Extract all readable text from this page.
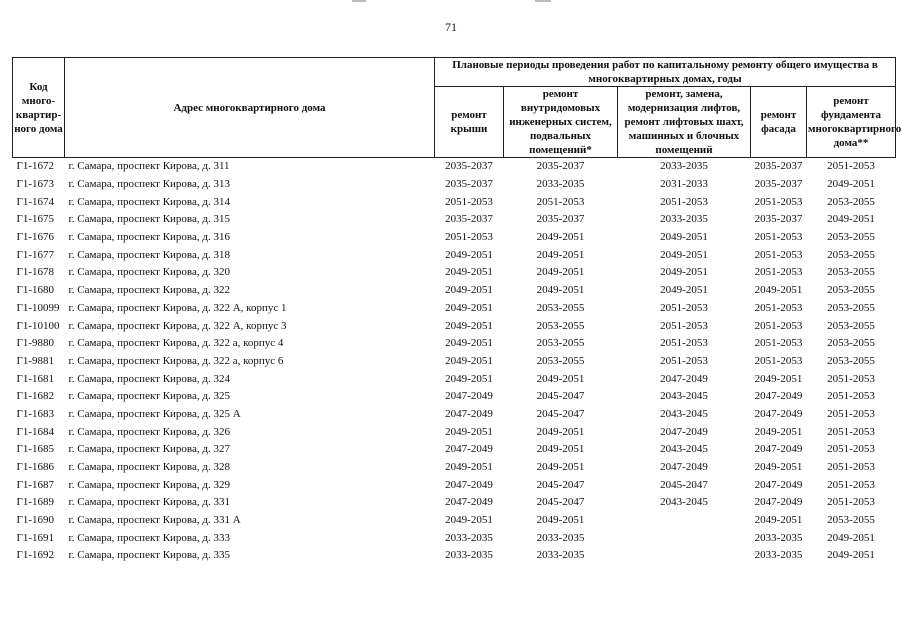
71
Код много-квартир-ного дома	Адрес многоквартирного дома	Плановые периоды проведения работ по капитальному ремонту общего имущества в многоквартирных домах, годы				
		ремонт крыши	ремонт внутридомовых инженерных систем, подвальных помещений*	ремонт, замена, модернизация лифтов, ремонт лифтовых шахт, машинных и блочных помещений	ремонт фасада	ремонт фундамента многоквартирного дома**
Г1-1672	г. Самара, проспект Кирова, д. 311	2035-2037	2035-2037	2033-2035	2035-2037	2051-2053
Г1-1673	г. Самара, проспект Кирова, д. 313	2035-2037	2033-2035	2031-2033	2035-2037	2049-2051
Г1-1674	г. Самара, проспект Кирова, д. 314	2051-2053	2051-2053	2051-2053	2051-2053	2053-2055
Г1-1675	г. Самара, проспект Кирова, д. 315	2035-2037	2035-2037	2033-2035	2035-2037	2049-2051
Г1-1676	г. Самара, проспект Кирова, д. 316	2051-2053	2049-2051	2049-2051	2051-2053	2053-2055
Г1-1677	г. Самара, проспект Кирова, д. 318	2049-2051	2049-2051	2049-2051	2051-2053	2053-2055
Г1-1678	г. Самара, проспект Кирова, д. 320	2049-2051	2049-2051	2049-2051	2051-2053	2053-2055
Г1-1680	г. Самара, проспект Кирова, д. 322	2049-2051	2049-2051	2049-2051	2049-2051	2053-2055
Г1-10099	г. Самара, проспект Кирова, д. 322 А, корпус 1	2049-2051	2053-2055	2051-2053	2051-2053	2053-2055
Г1-10100	г. Самара, проспект Кирова, д. 322 А, корпус 3	2049-2051	2053-2055	2051-2053	2051-2053	2053-2055
Г1-9880	г. Самара, проспект Кирова, д. 322 а, корпус 4	2049-2051	2053-2055	2051-2053	2051-2053	2053-2055
Г1-9881	г. Самара, проспект Кирова, д. 322 а, корпус 6	2049-2051	2053-2055	2051-2053	2051-2053	2053-2055
Г1-1681	г. Самара, проспект Кирова, д. 324	2049-2051	2049-2051	2047-2049	2049-2051	2051-2053
Г1-1682	г. Самара, проспект Кирова, д. 325	2047-2049	2045-2047	2043-2045	2047-2049	2051-2053
Г1-1683	г. Самара, проспект Кирова, д. 325 А	2047-2049	2045-2047	2043-2045	2047-2049	2051-2053
Г1-1684	г. Самара, проспект Кирова, д. 326	2049-2051	2049-2051	2047-2049	2049-2051	2051-2053
Г1-1685	г. Самара, проспект Кирова, д. 327	2047-2049	2049-2051	2043-2045	2047-2049	2051-2053
Г1-1686	г. Самара, проспект Кирова, д. 328	2049-2051	2049-2051	2047-2049	2049-2051	2051-2053
Г1-1687	г. Самара, проспект Кирова, д. 329	2047-2049	2045-2047	2045-2047	2047-2049	2051-2053
Г1-1689	г. Самара, проспект Кирова, д. 331	2047-2049	2045-2047	2043-2045	2047-2049	2051-2053
Г1-1690	г. Самара, проспект Кирова, д. 331 А	2049-2051	2049-2051		2049-2051	2053-2055
Г1-1691	г. Самара, проспект Кирова, д. 333	2033-2035	2033-2035		2033-2035	2049-2051
Г1-1692	г. Самара, проспект Кирова, д. 335	2033-2035	2033-2035		2033-2035	2049-2051
